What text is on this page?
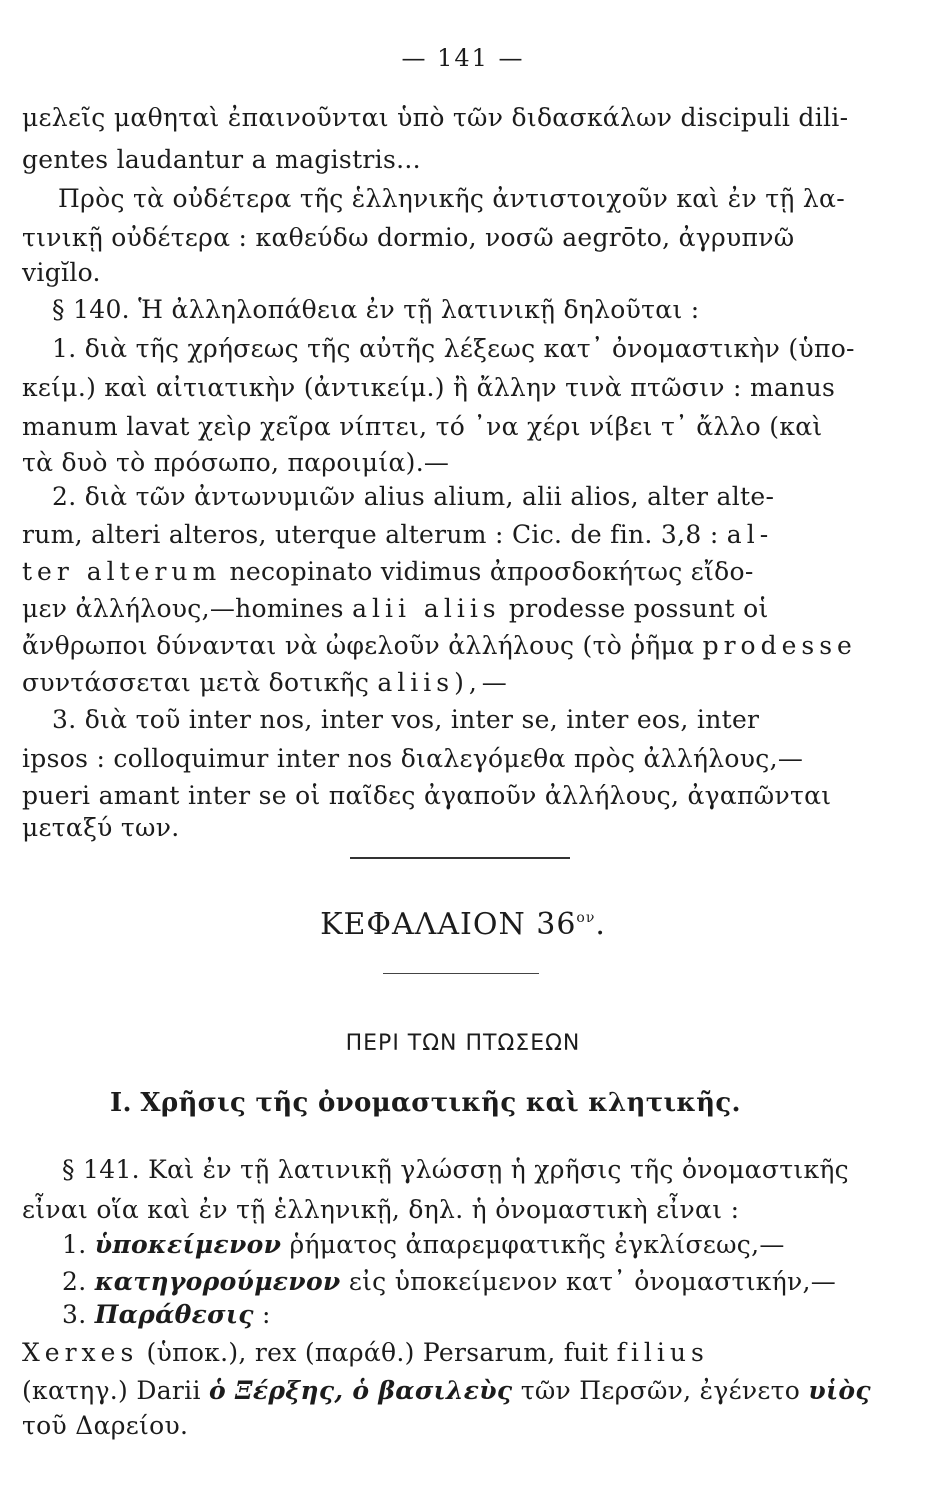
— 141 —
μελεῖς μαθηταὶ ἐπαινοῦνται ὑπὸ τῶν διδασκάλων discipuli dili-
gentes laudantur a magistris...
Πρὸς τὰ οὐδέτερα τῆς ἑλληνικῆς ἀντιστοιχοῦν καὶ ἐν τῇ λα-
τινικῇ οὐδέτερα : καθεύδω dormio, νοσῶ aegrōto, ἀγρυπνῶ
vigĭlo.
§ 140. Ἡ ἀλληλοπάθεια ἐν τῇ λατινικῇ δηλοῦται :
1. διὰ τῆς χρήσεως τῆς αὐτῆς λέξεως κατ᾿ ὀνομαστικὴν (ὑπο-
κείμ.) καὶ αἰτιατικὴν (ἀντικείμ.) ἢ ἄλλην τινὰ πτῶσιν : manus
manum lavat χεὶρ χεῖρα νίπτει, τό ᾽να χέρι νίβει τ᾿ ἄλλο (καὶ
τὰ δυὸ τὸ πρόσωπο, παροιμία).—
2. διὰ τῶν ἀντωνυμιῶν alius alium, alii alios, alter alte-
rum, alteri alteros, uterque alterum : Cic. de fin. 3,8 : al-
ter alterum necopinato vidimus ἀπροσδοκήτως εἴδο-
μεν ἀλλήλους,—homines alii aliis prodesse possunt οἱ
ἄνθρωποι δύνανται νὰ ὠφελοῦν ἀλλήλους (τὸ ῥῆμα prodesse
συντάσσεται μετὰ δοτικῆς aliis),—
3. διὰ τοῦ inter nos, inter vos, inter se, inter eos, inter
ipsos : colloquimur inter nos διαλεγόμεθα πρὸς ἀλλήλους,—
pueri amant inter se οἱ παῖδες ἀγαποῦν ἀλλήλους, ἀγαπῶνται
μεταξύ των.
ΚΕΦΑΛΑΙΟΝ $36^{o\nu}$.
ΠΕΡΙ ΤΩΝ ΠΤΩΣΕΩΝ
I. Χρῆσις τῆς ὀνομαστικῆς καὶ κλητικῆς.
§ 141. Καὶ ἐν τῇ λατινικῇ γλώσσῃ ἡ χρῆσις τῆς ὀνομαστικῆς
εἶναι οἵα καὶ ἐν τῇ ἑλληνικῇ, δηλ. ἡ ὀνομαστικὴ εἶναι :
1. ὑποκείμενον ῥήματος ἀπαρεμφατικῆς ἐγκλίσεως,—
2. κατηγορούμενον εἰς ὑποκείμενον κατ᾿ ὀνομαστικήν,—
3. Παράθεσις :
Xerxes (ὑποκ.), rex (παράθ.) Persarum, fuit filius
(κατηγ.) Darii ὁ Ξέρξης, ὁ βασιλεὺς τῶν Περσῶν, ἐγένετο υἱὸς
τοῦ Δαρείου.
